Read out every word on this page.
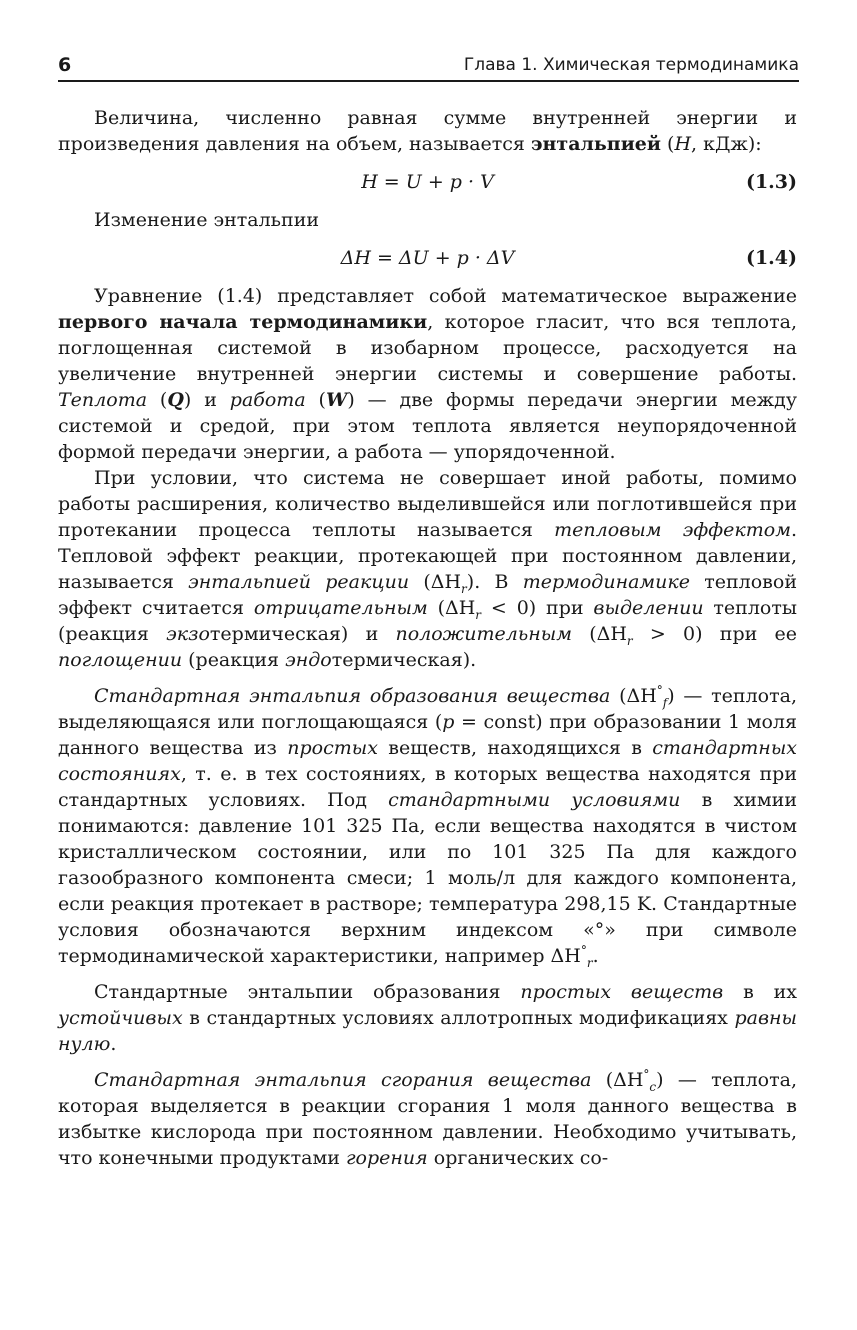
6	Глава 1. Химическая термодинамика

Величина, численно равная сумме внутренней энергии и произведения давления на объем, называется энтальпией (H, кДж):

H = U + p · V	(1.3)

Изменение энтальпии

ΔH = ΔU + p · ΔV	(1.4)

Уравнение (1.4) представляет собой математическое выражение первого начала термодинамики, которое гласит, что вся теплота, поглощенная системой в изобарном процессе, расходуется на увеличение внутренней энергии системы и совершение работы. Теплота (Q) и работа (W) — две формы передачи энергии между системой и средой, при этом теплота является неупорядоченной формой передачи энергии, а работа — упорядоченной.

При условии, что система не совершает иной работы, помимо работы расширения, количество выделившейся или поглотившейся при протекании процесса теплоты называется тепловым эффектом. Тепловой эффект реакции, протекающей при постоянном давлении, называется энтальпией реакции $(\Delta H_r)$. В термодинамике тепловой эффект считается отрицательным $(\Delta H_r < 0)$ при выделении теплоты (реакция экзотермическая) и положительным $(\Delta H_r > 0)$ при ее поглощении (реакция эндотермическая).

Стандартная энтальпия образования вещества $(\Delta H^\circ_f)$ — теплота, выделяющаяся или поглощающаяся (p = const) при образовании 1 моля данного вещества из простых веществ, находящихся в стандартных состояниях, т. е. в тех состояниях, в которых вещества находятся при стандартных условиях. Под стандартными условиями в химии понимаются: давление 101 325 Па, если вещества находятся в чистом кристаллическом состоянии, или по 101 325 Па для каждого газообразного компонента смеси; 1 моль/л для каждого компонента, если реакция протекает в растворе; температура 298,15 K. Стандартные условия обозначаются верхним индексом «°» при символе термодинамической характеристики, например $\Delta H^\circ_r$.

Стандартные энтальпии образования простых веществ в их устойчивых в стандартных условиях аллотропных модификациях равны нулю.

Стандартная энтальпия сгорания вещества $(\Delta H^\circ_c)$ — теплота, которая выделяется в реакции сгорания 1 моля данного вещества в избытке кислорода при постоянном давлении. Необходимо учитывать, что конечными продуктами горения органических со-
